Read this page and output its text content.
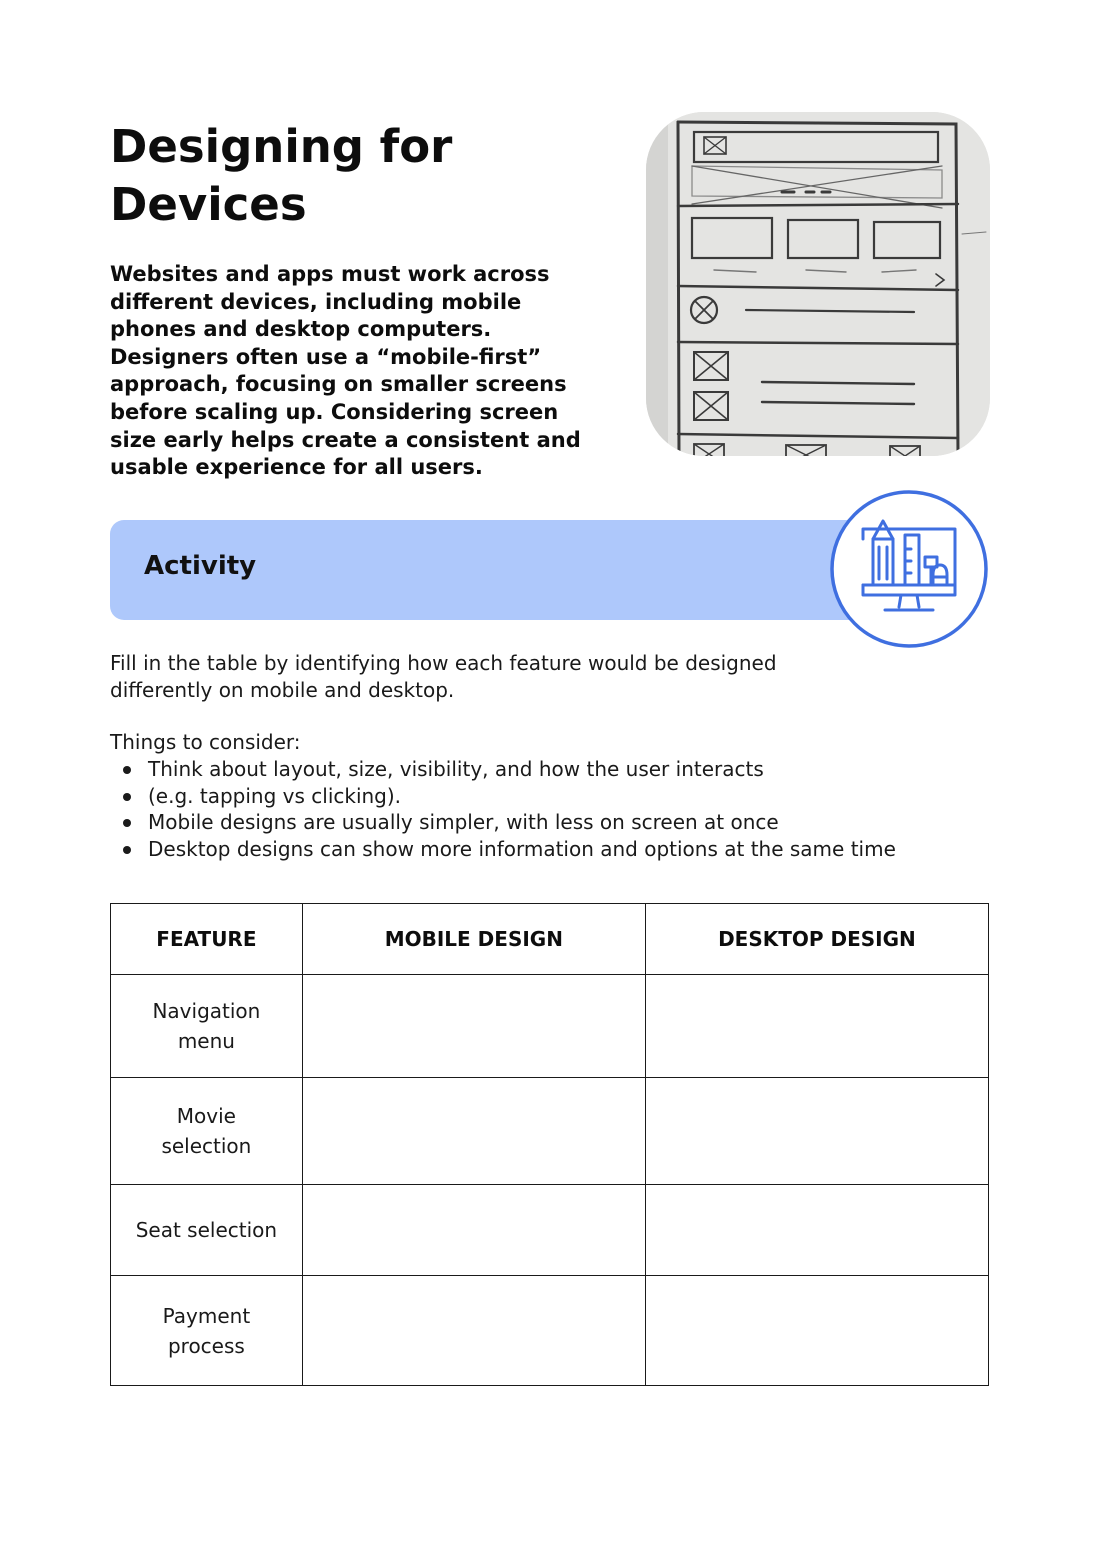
Designing for
Devices

Websites and apps must work across different devices, including mobile phones and desktop computers. Designers often use a “mobile-first” approach, focusing on smaller screens before scaling up. Considering screen size early helps create a consistent and usable experience for all users.

Activity

Fill in the table by identifying how each feature would be designed differently on mobile and desktop.

Things to consider:

Think about layout, size, visibility, and how the user interacts
(e.g. tapping vs clicking).
Mobile designs are usually simpler, with less on screen at once
Desktop designs can show more information and options at the same time
FEATURE	MOBILE DESIGN	DESKTOP DESIGN
Navigation menu		
Movie selection		
Seat selection		
Payment process		
